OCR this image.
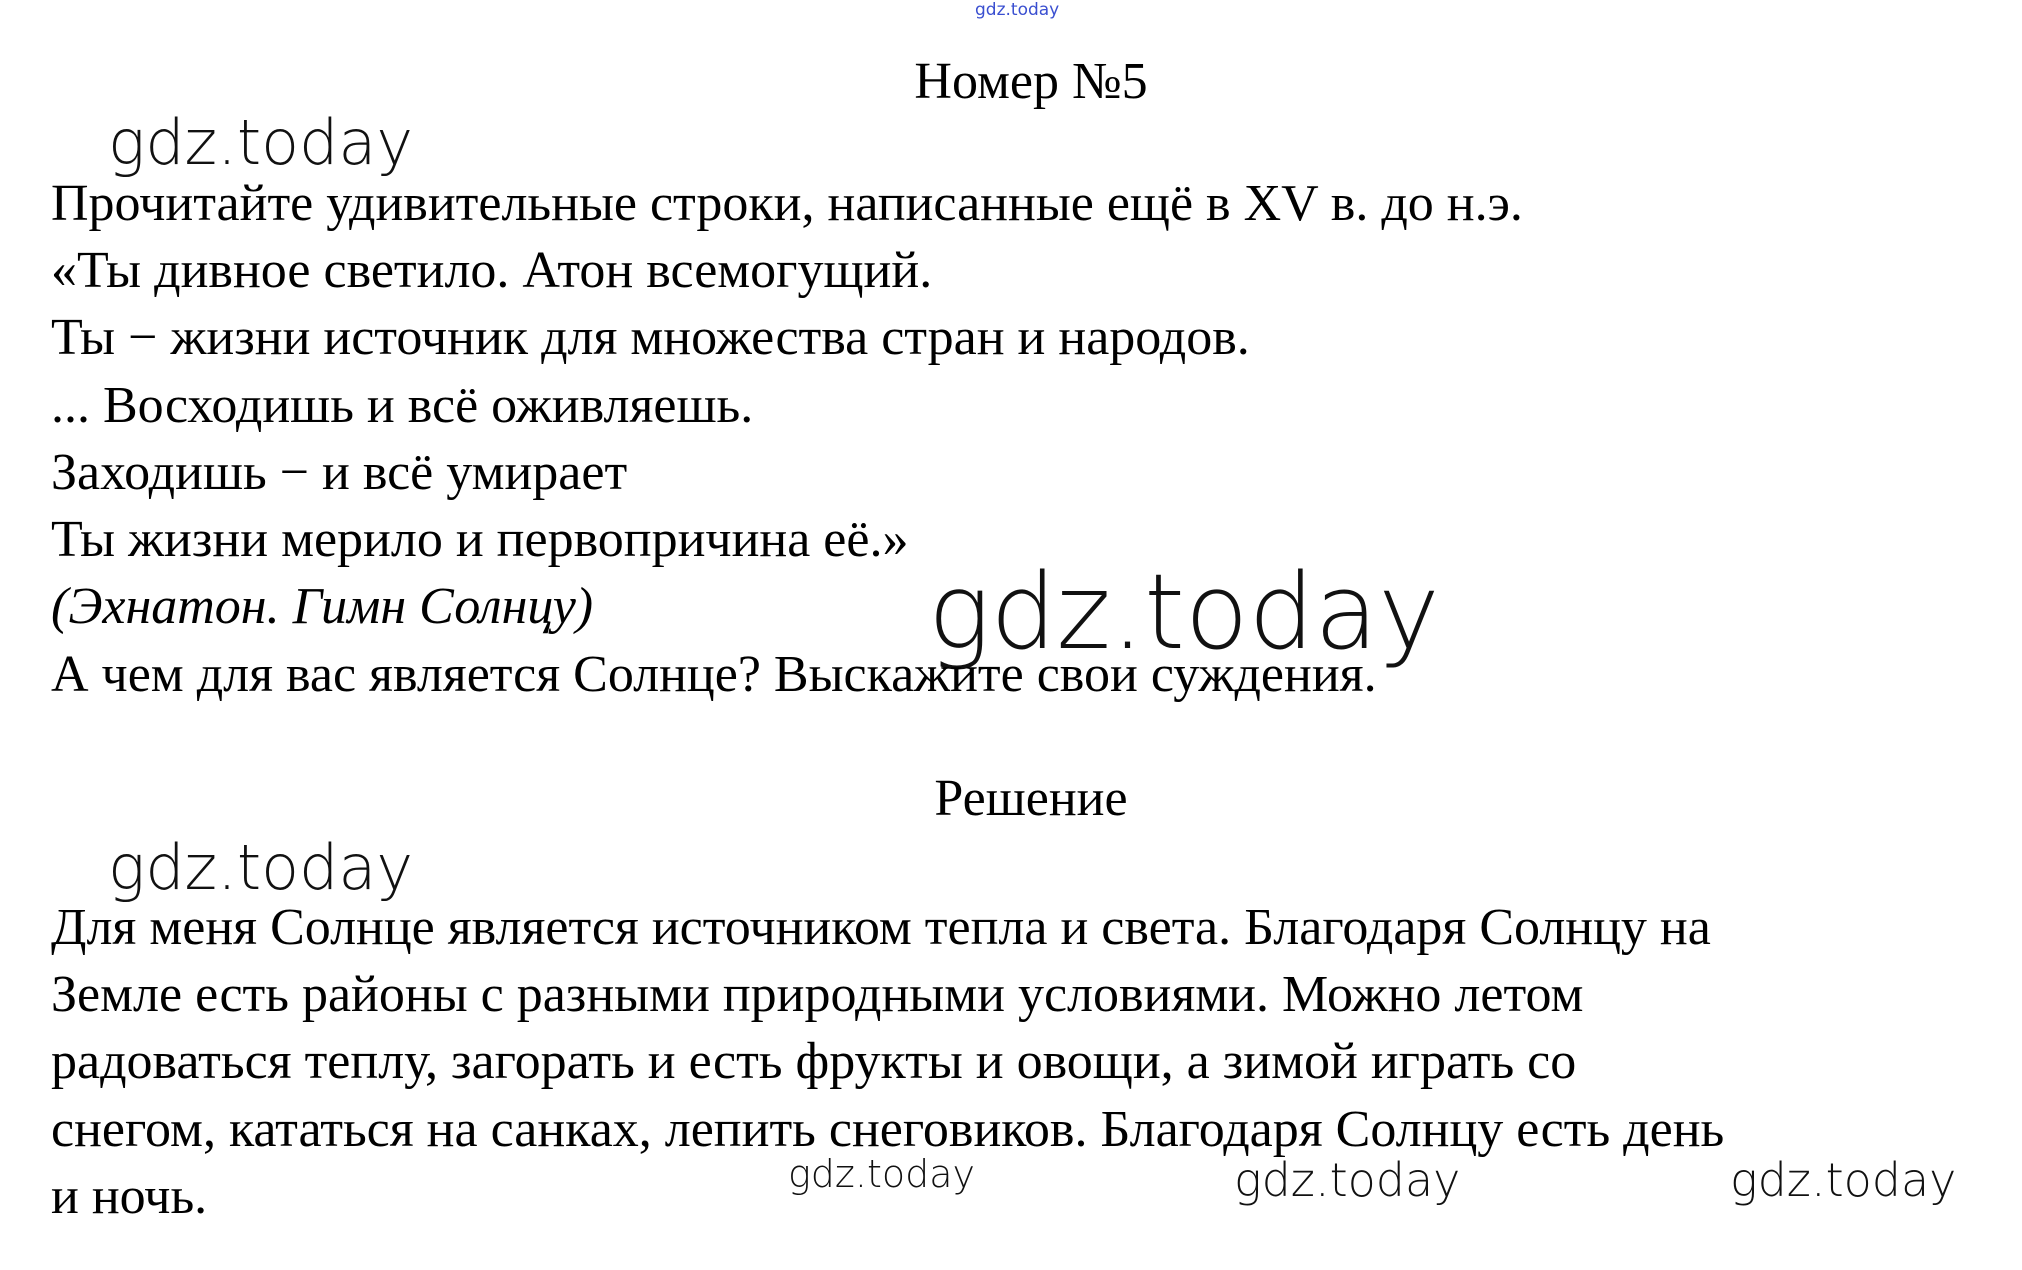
gdz.today
gdz.today
gdz.today
gdz.today
gdz.today	gdz.today	gdz.today
Номер №5
Прочитайте удивительные строки, написанные ещё в XV в. до н.э.
«Ты дивное светило. Атон всемогущий.
Ты − жизни источник для множества стран и народов.
... Восходишь и всё оживляешь.
Заходишь − и всё умирает
Ты жизни мерило и первопричина её.»
(Эхнатон. Гимн Солнцу)
А чем для вас является Солнце? Выскажите свои суждения.
Решение
Для меня Солнце является источником тепла и света. Благодаря Солнцу на
Земле есть районы с разными природными условиями. Можно летом
радоваться теплу, загорать и есть фрукты и овощи, а зимой играть со
снегом, кататься на санках, лепить снеговиков. Благодаря Солнцу есть день
и ночь.
